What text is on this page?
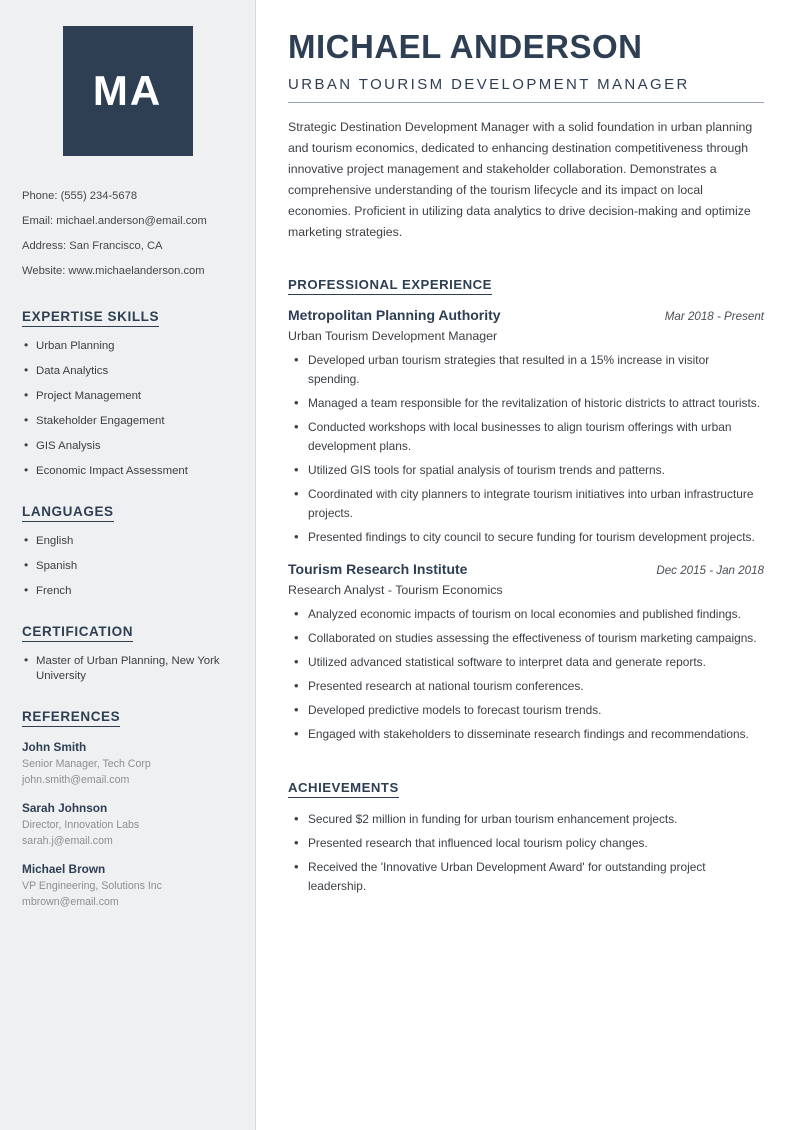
MA
Phone: (555) 234-5678
Email: michael.anderson@email.com
Address: San Francisco, CA
Website: www.michaelanderson.com
EXPERTISE SKILLS
• Urban Planning
• Data Analytics
• Project Management
• Stakeholder Engagement
• GIS Analysis
• Economic Impact Assessment
LANGUAGES
• English
• Spanish
• French
CERTIFICATION
• Master of Urban Planning, New York University
REFERENCES
John Smith
Senior Manager, Tech Corp
john.smith@email.com
Sarah Johnson
Director, Innovation Labs
sarah.j@email.com
Michael Brown
VP Engineering, Solutions Inc
mbrown@email.com
MICHAEL ANDERSON
URBAN TOURISM DEVELOPMENT MANAGER

Strategic Destination Development Manager with a solid foundation in urban planning and tourism economics, dedicated to enhancing destination competitiveness through innovative project management and stakeholder collaboration. Demonstrates a comprehensive understanding of the tourism lifecycle and its impact on local economies. Proficient in utilizing data analytics to drive decision-making and optimize marketing strategies.

PROFESSIONAL EXPERIENCE
Metropolitan Planning Authority	Mar 2018 - Present
Urban Tourism Development Manager
• Developed urban tourism strategies that resulted in a 15% increase in visitor spending.
• Managed a team responsible for the revitalization of historic districts to attract tourists.
• Conducted workshops with local businesses to align tourism offerings with urban development plans.
• Utilized GIS tools for spatial analysis of tourism trends and patterns.
• Coordinated with city planners to integrate tourism initiatives into urban infrastructure projects.
• Presented findings to city council to secure funding for tourism development projects.
Tourism Research Institute	Dec 2015 - Jan 2018
Research Analyst - Tourism Economics
• Analyzed economic impacts of tourism on local economies and published findings.
• Collaborated on studies assessing the effectiveness of tourism marketing campaigns.
• Utilized advanced statistical software to interpret data and generate reports.
• Presented research at national tourism conferences.
• Developed predictive models to forecast tourism trends.
• Engaged with stakeholders to disseminate research findings and recommendations.
ACHIEVEMENTS
• Secured $2 million in funding for urban tourism enhancement projects.
• Presented research that influenced local tourism policy changes.
• Received the 'Innovative Urban Development Award' for outstanding project leadership.
